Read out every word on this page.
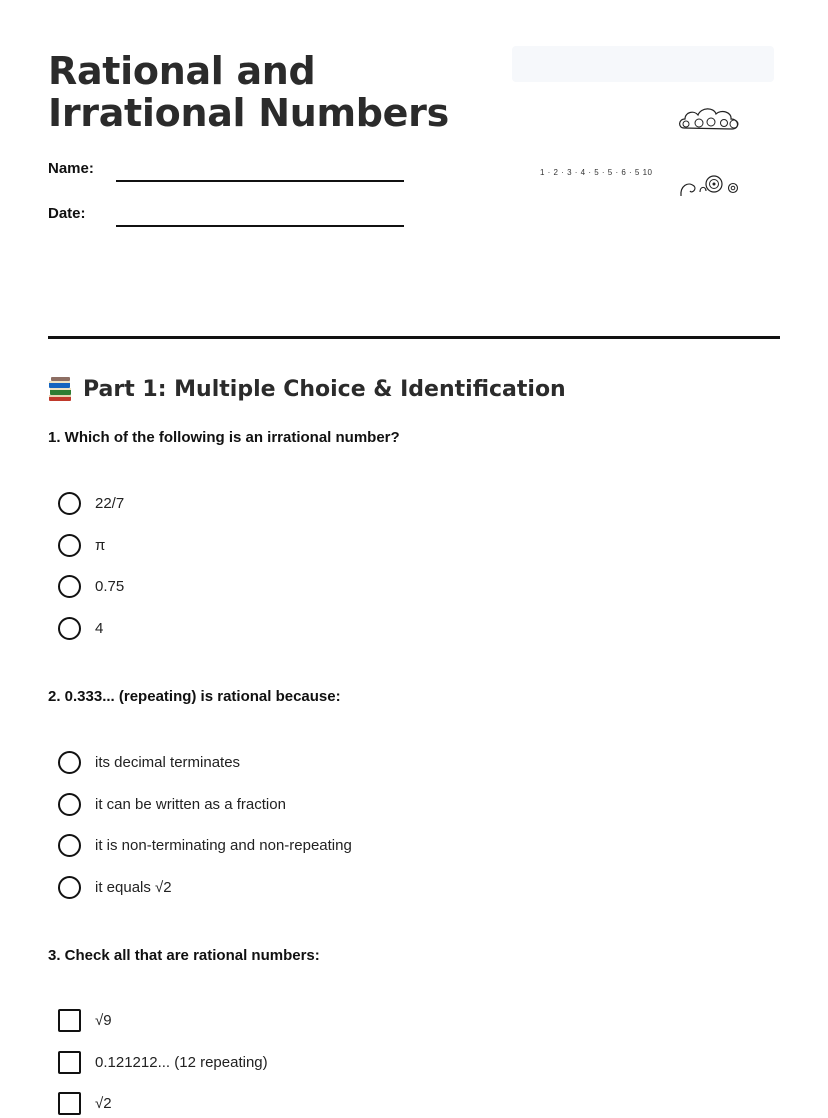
Rational and Irrational Numbers
Name:
Date:
1 · 2 · 3 · 4 · 5 · 5 · 6 · 5 10
Part 1: Multiple Choice & Identification

1. Which of the following is an irrational number?

22/7
π
0.75
4

2. 0.333... (repeating) is rational because:

its decimal terminates
it can be written as a fraction
it is non-terminating and non-repeating
it equals √2

3. Check all that are rational numbers:

√9
0.121212... (12 repeating)
√2
